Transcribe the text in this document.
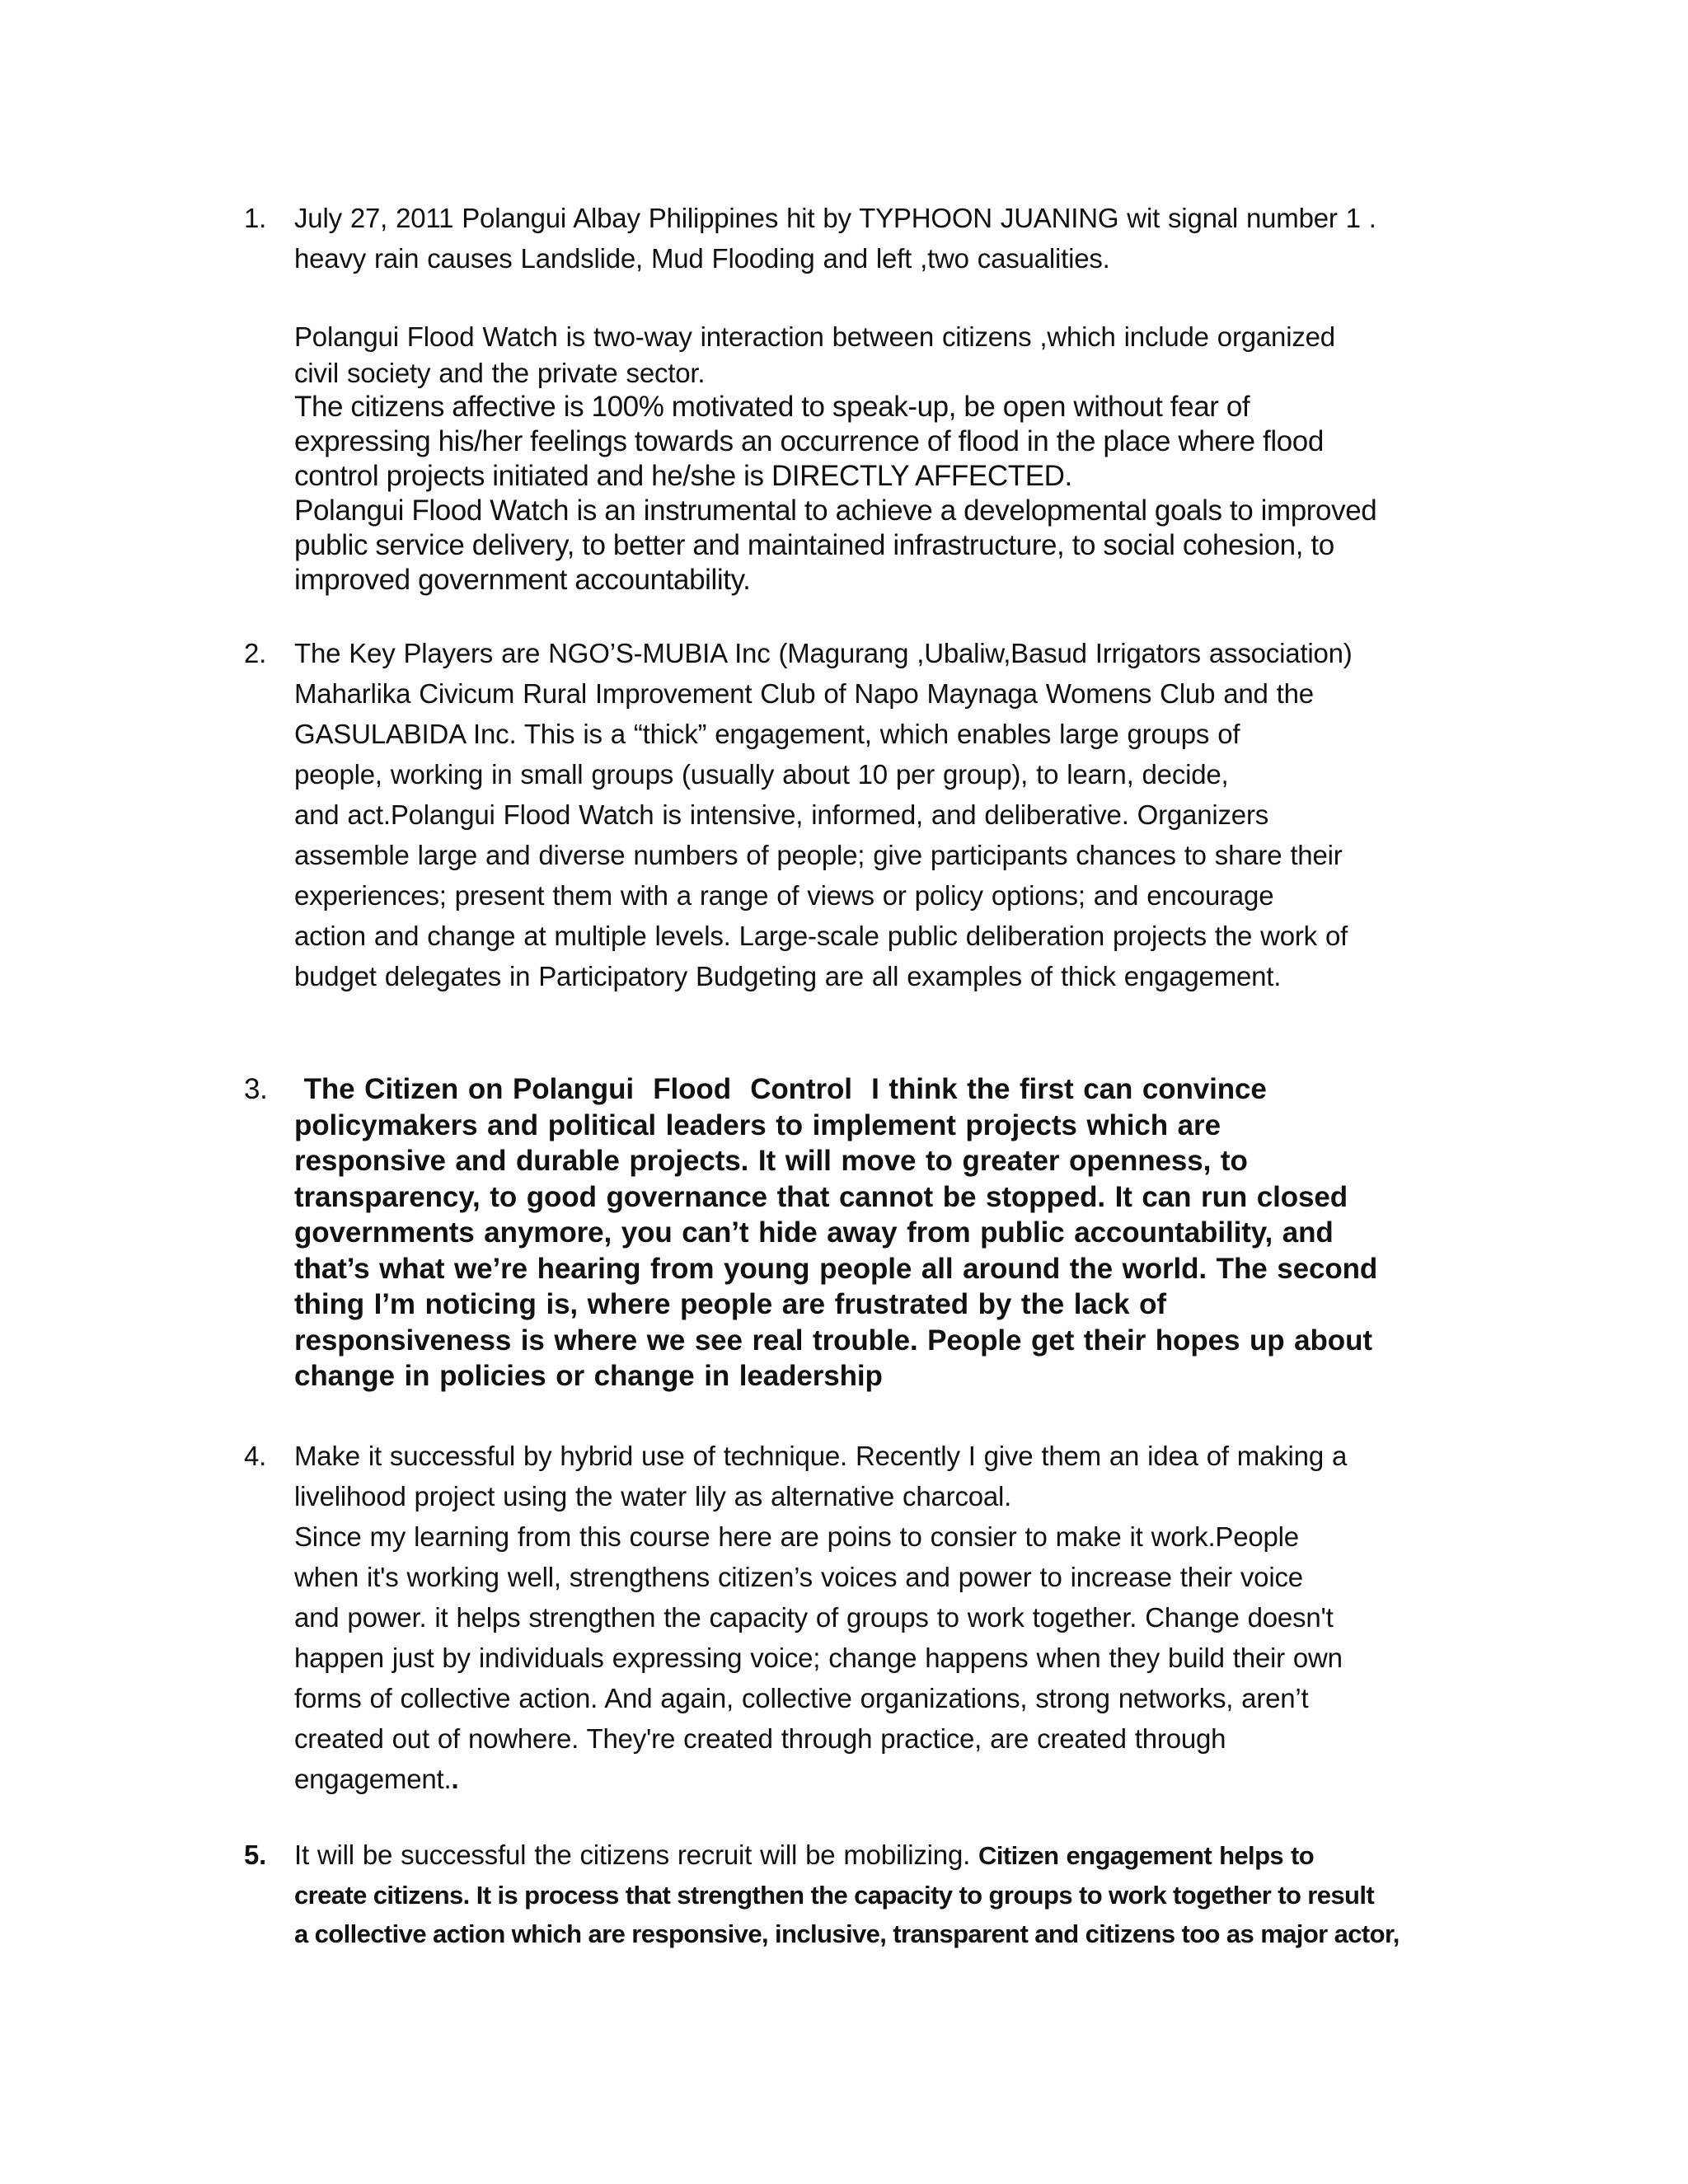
1.	July 27, 2011 Polangui Albay Philippines hit by TYPHOON JUANING wit signal number 1 .
heavy rain causes Landslide, Mud Flooding and left ,two casualities.

Polangui Flood Watch is two-way interaction between citizens ,which include organized
civil society and the private sector.

The citizens affective is 100% motivated to speak-up, be open without fear of
expressing his/her feelings towards an occurrence of flood in the place where flood
control projects initiated and he/she is DIRECTLY AFFECTED.
Polangui Flood Watch is an instrumental to achieve a developmental goals to improved
public service delivery, to better and maintained infrastructure, to social cohesion, to
improved government accountability.

2.	The Key Players are NGO’S-MUBIA Inc (Magurang ,Ubaliw,Basud Irrigators association)
Maharlika Civicum Rural Improvement Club of Napo Maynaga Womens Club and the
GASULABIDA Inc. This is a “thick” engagement, which enables large groups of
people, working in small groups (usually about 10 per group), to learn, decide,
and act.Polangui Flood Watch is intensive, informed, and deliberative. Organizers
assemble large and diverse numbers of people; give participants chances to share their
experiences; present them with a range of views or policy options; and encourage
action and change at multiple levels. Large-scale public deliberation projects the work of
budget delegates in Participatory Budgeting are all examples of thick engagement.
3. The Citizen on Polangui  Flood  Control  I think the first can convince
policymakers and political leaders to implement projects which are
responsive and durable projects. It will move to greater openness, to
transparency, to good governance that cannot be stopped. It can run closed
governments anymore, you can’t hide away from public accountability, and
that’s what we’re hearing from young people all around the world. The second
thing I’m noticing is, where people are frustrated by the lack of
responsiveness is where we see real trouble. People get their hopes up about
change in policies or change in leadership
4.	Make it successful by hybrid use of technique. Recently I give them an idea of making a
livelihood project using the water lily as alternative charcoal.
Since my learning from this course here are poins to consier to make it work.People
when it's working well, strengthens citizen’s voices and power to increase their voice
and power. it helps strengthen the capacity of groups to work together. Change doesn't
happen just by individuals expressing voice; change happens when they build their own
forms of collective action. And again, collective organizations, strong networks, aren’t
created out of nowhere. They're created through practice, are created through
engagement..
5.	It will be successful the citizens recruit will be mobilizing. Citizen engagement helps to
create citizens. It is process that strengthen the capacity to groups to work together to result
a collective action which are responsive, inclusive, transparent and citizens too as major actor,
